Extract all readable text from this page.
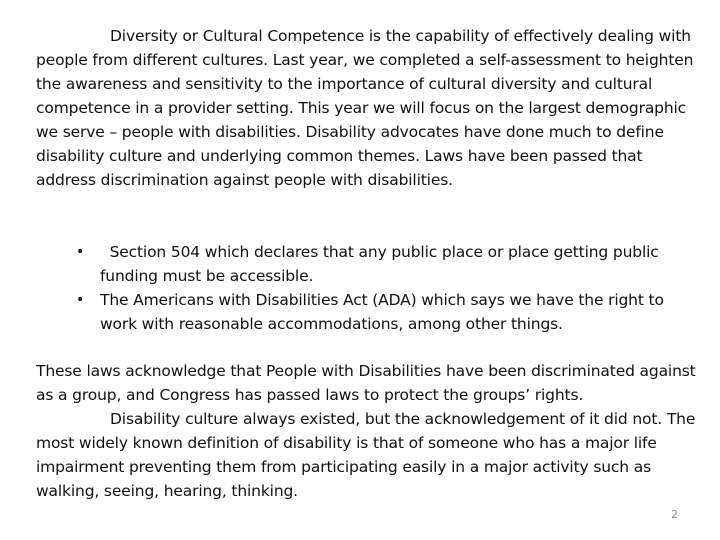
Diversity or Cultural Competence is the capability of effectively dealing with people from different cultures. Last year, we completed a self-assessment to heighten the awareness and sensitivity to the importance of cultural diversity and cultural competence in a provider setting. This year we will focus on the largest demographic we serve – people with disabilities. Disability advocates have done much to define disability culture and underlying common themes. Laws have been passed that address discrimination against people with disabilities.

• Section 504 which declares that any public place or place getting public funding must be accessible.
• The Americans with Disabilities Act (ADA) which says we have the right to work with reasonable accommodations, among other things.

These laws acknowledge that People with Disabilities have been discriminated against as a group, and Congress has passed laws to protect the groups’ rights.
Disability culture always existed, but the acknowledgement of it did not. The most widely known definition of disability is that of someone who has a major life impairment preventing them from participating easily in a major activity such as walking, seeing, hearing, thinking.

2
